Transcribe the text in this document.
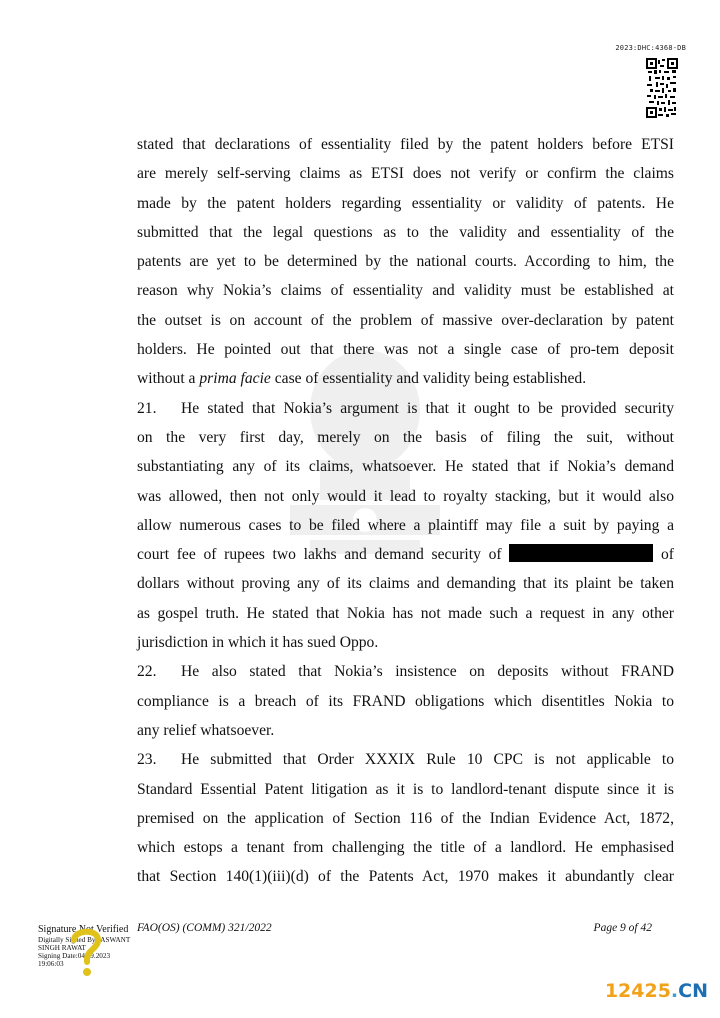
2023:DHC:4368-DB

stated that declarations of essentiality filed by the patent holders before ETSI
are merely self-serving claims as ETSI does not verify or confirm the claims
made by the patent holders regarding essentiality or validity of patents. He
submitted that the legal questions as to the validity and essentiality of the
patents are yet to be determined by the national courts. According to him, the
reason why Nokia’s claims of essentiality and validity must be established at
the outset is on account of the problem of massive over-declaration by patent
holders. He pointed out that there was not a single case of pro-tem deposit
without a prima facie case of essentiality and validity being established.

21. He stated that Nokia’s argument is that it ought to be provided security
on the very first day, merely on the basis of filing the suit, without
substantiating any of its claims, whatsoever. He stated that if Nokia’s demand
was allowed, then not only would it lead to royalty stacking, but it would also
allow numerous cases to be filed where a plaintiff may file a suit by paying a
court fee of rupees two lakhs and demand security of	of
dollars without proving any of its claims and demanding that its plaint be taken
as gospel truth. He stated that Nokia has not made such a request in any other
jurisdiction in which it has sued Oppo.

22. He also stated that Nokia’s insistence on deposits without FRAND
compliance is a breach of its FRAND obligations which disentitles Nokia to
any relief whatsoever.

23. He submitted that Order XXXIX Rule 10 CPC is not applicable to
Standard Essential Patent litigation as it is to landlord-tenant dispute since it is
premised on the application of Section 116 of the Indian Evidence Act, 1872,
which estops a tenant from challenging the title of a landlord. He emphasised
that Section 140(1)(iii)(d) of the Patents Act, 1970 makes it abundantly clear

FAO(OS) (COMM) 321/2022	Page 9 of 42
Signature Not Verified
Digitally Signed By:JASWANT
SINGH RAWAT
Signing Date:04.09.2023
19:06:03
12425.CN
